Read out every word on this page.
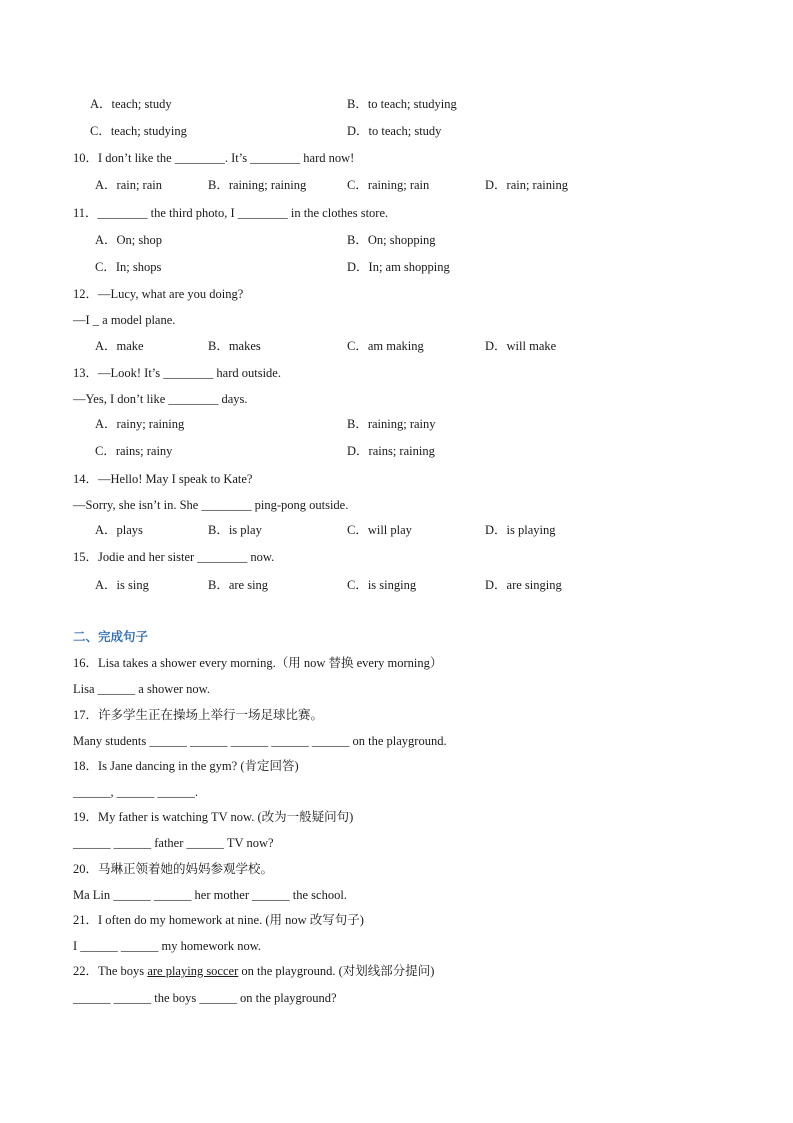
A．teach; study	B．to teach; studying
C．teach; studying	D．to teach; study
10．I don’t like the ________. It’s ________ hard now!
A．rain; rain	B．raining; raining	C．raining; rain	D．rain; raining
11．________ the third photo, I ________ in the clothes store.
A．On; shop	B．On; shopping
C．In; shops	D．In; am shopping
12．—Lucy, what are you doing?
—I _ a model plane.
A．make	B．makes	C．am making	D．will make
13．—Look! It’s ________ hard outside.
—Yes, I don’t like ________ days.
A．rainy; raining	B．raining; rainy
C．rains; rainy	D．rains; raining
14．—Hello! May I speak to Kate?
—Sorry, she isn’t in. She ________ ping-pong outside.
A．plays	B．is play	C．will play	D．is playing
15．Jodie and her sister ________ now.
A．is sing	B．are sing	C．is singing	D．are singing
二、完成句子
16．Lisa takes a shower every morning.（用 now 替换 every morning）
Lisa ______ a shower now.
17．许多学生正在操场上举行一场足球比赛。
Many students ______ ______ ______ ______ ______ on the playground.
18．Is Jane dancing in the gym? (肯定回答)
______, ______ ______.
19．My father is watching TV now. (改为一般疑问句)
______ ______ father ______ TV now?
20．马琳正领着她的妈妈参观学校。
Ma Lin ______ ______ her mother ______ the school.
21．I often do my homework at nine. (用 now 改写句子)
I ______ ______ my homework now.
22．The boys are playing soccer on the playground. (对划线部分提问)
______ ______ the boys ______ on the playground?
